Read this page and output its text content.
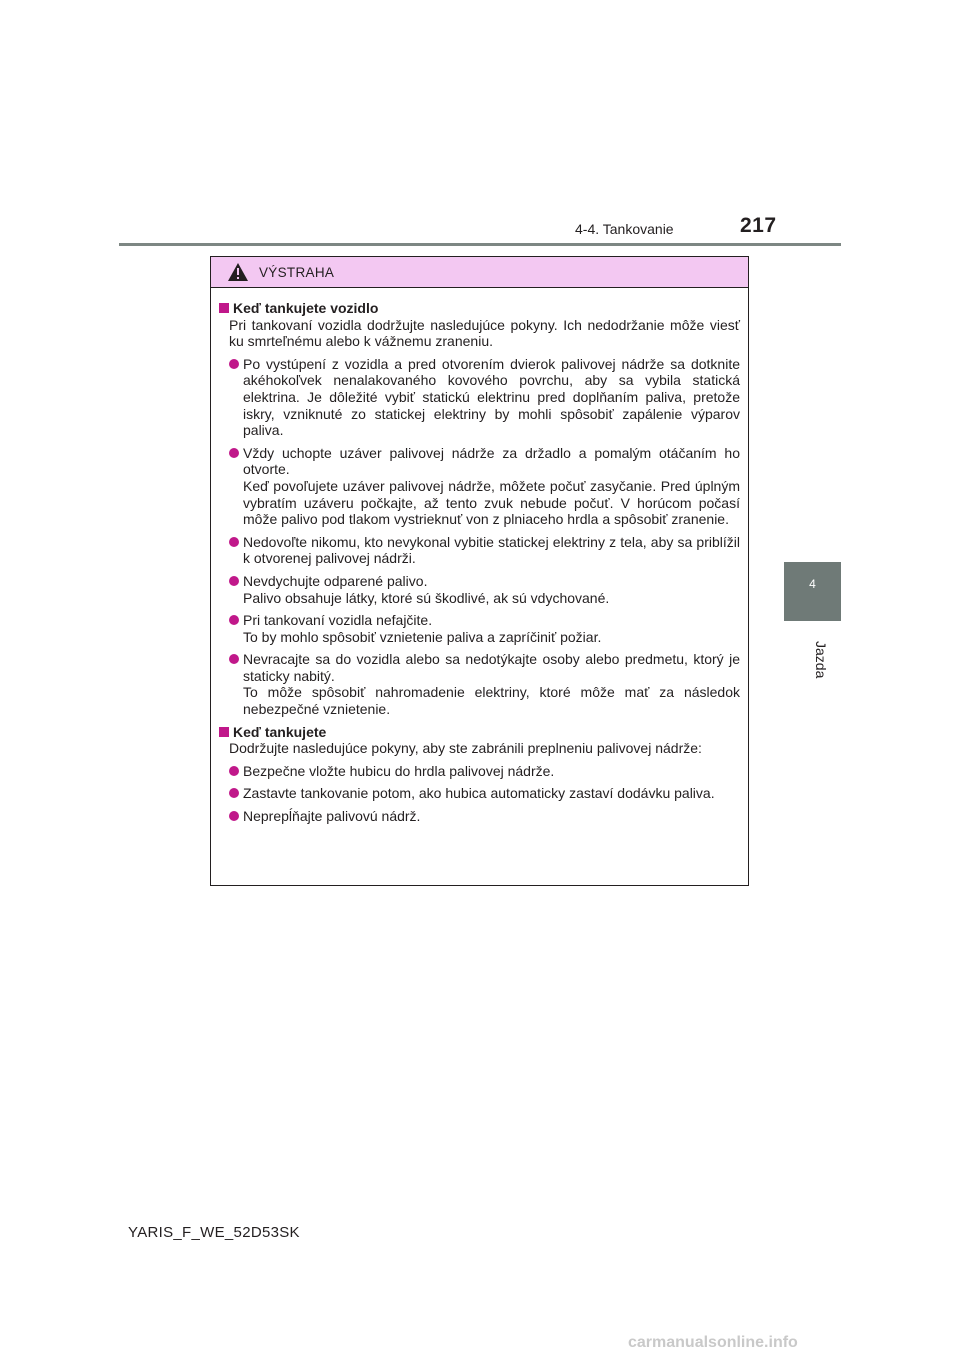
4-4. Tankovanie	217
4
Jazda
VÝSTRAHA
Keď tankujete vozidlo
Pri tankovaní vozidla dodržujte nasledujúce pokyny. Ich nedodržanie môže viesť ku smrteľnému alebo k vážnemu zraneniu.
Po vystúpení z vozidla a pred otvorením dvierok palivovej nádrže sa dotknite akéhokoľvek nenalakovaného kovového povrchu, aby sa vybila statická elektrina. Je dôležité vybiť statickú elektrinu pred doplňaním paliva, pretože iskry, vzniknuté zo statickej elektriny by mohli spôsobiť zapálenie výparov paliva.
Vždy uchopte uzáver palivovej nádrže za držadlo a pomalým otáčaním ho otvorte.
Keď povoľujete uzáver palivovej nádrže, môžete počuť zasyčanie. Pred úplným vybratím uzáveru počkajte, až tento zvuk nebude počuť. V horúcom počasí môže palivo pod tlakom vystrieknuť von z plniaceho hrdla a spôsobiť zranenie.
Nedovoľte nikomu, kto nevykonal vybitie statickej elektriny z tela, aby sa priblížil k otvorenej palivovej nádrži.
Nevdychujte odparené palivo.
Palivo obsahuje látky, ktoré sú škodlivé, ak sú vdychované.
Pri tankovaní vozidla nefajčite.
To by mohlo spôsobiť vznietenie paliva a zapríčiniť požiar.
Nevracajte sa do vozidla alebo sa nedotýkajte osoby alebo predmetu, ktorý je staticky nabitý.
To môže spôsobiť nahromadenie elektriny, ktoré môže mať za následok nebezpečné vznietenie.
Keď tankujete
Dodržujte nasledujúce pokyny, aby ste zabránili preplneniu palivovej nádrže:
Bezpečne vložte hubicu do hrdla palivovej nádrže.
Zastavte tankovanie potom, ako hubica automaticky zastaví dodávku paliva.
Neprepĺňajte palivovú nádrž.
YARIS_F_WE_52D53SK
carmanualsonline.info
